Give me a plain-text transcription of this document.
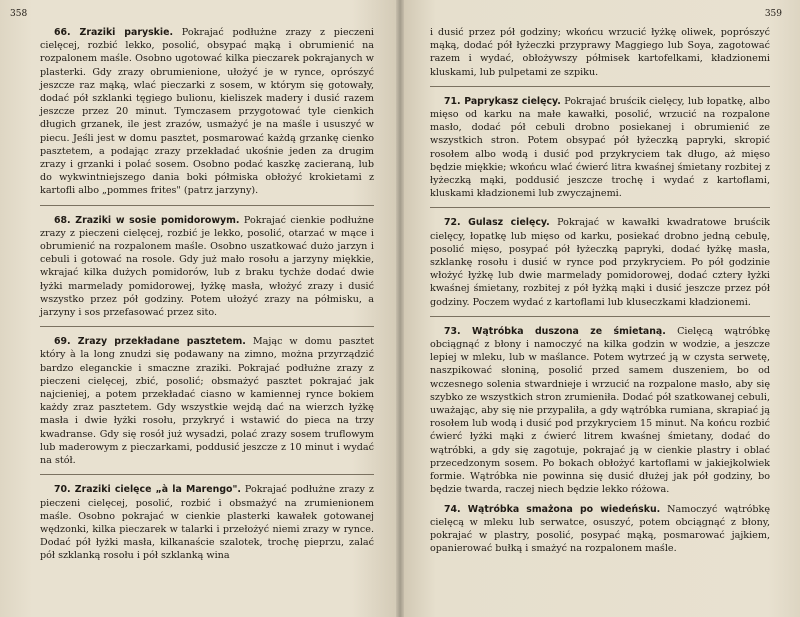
358

66. Zraziki paryskie. Pokrajać podłużne zrazy z pieczeni cielęcej, rozbić lekko, posolić, obsypać mąką i obrumienić na rozpalonem maśle. Osobno ugotować kilka pieczarek pokrajanych w plasterki. Gdy zrazy obrumienione, ułożyć je w rynce, oprószyć jeszcze raz mąką, wlać pieczarki z sosem, w którym się gotowały, dodać pół szklanki tęgiego bulionu, kieliszek madery i dusić razem jeszcze przez 20 minut. Tymczasem przygotować tyle cienkich długich grzanek, ile jest zrazów, usmażyć je na maśle i ususzyć w piecu. Jeśli jest w domu pasztet, posmarować każdą grzankę cienko pasztetem, a podając zrazy przekładać ukośnie jeden za drugim zrazy i grzanki i polać sosem. Osobno podać kaszkę zacieraną, lub do wykwintniejszego dania boki półmiska obłożyć krokietami z kartofli albo „pommes frites" (patrz jarzyny).

68. Zraziki w sosie pomidorowym. Pokrajać cienkie podłużne zrazy z pieczeni cielęcej, rozbić je lekko, posolić, otarzać w mące i obrumienić na rozpalonem maśle. Osobno uszatkować dużo jarzyn i cebuli i gotować na rosole. Gdy już mało rosołu a jarzyny miękkie, wkrajać kilka dużych pomidorów, lub z braku tychże dodać dwie łyżki marmelady pomidorowej, łyżkę masła, włożyć zrazy i dusić wszystko przez pół godziny. Potem ułożyć zrazy na półmisku, a jarzyny i sos przefasować przez sito.

69. Zrazy przekładane pasztetem. Mając w domu pasztet który à la long znudzi się podawany na zimno, można przyrządzić bardzo eleganckie i smaczne zraziki. Pokrajać podłużne zrazy z pieczeni cielęcej, zbić, posolić; obsmażyć pasztet pokrajać jak najcieniej, a potem przekładać ciasno w kamiennej rynce bokiem każdy zraz pasztetem. Gdy wszystkie wejdą dać na wierzch łyżkę masła i dwie łyżki rosołu, przykryć i wstawić do pieca na trzy kwadranse. Gdy się rosół już wysadzi, polać zrazy sosem truflowym lub maderowym z pieczarkami, poddusić jeszcze z 10 minut i wydać na stół.

70. Zraziki cielęce „à la Marengo". Pokrajać podłużne zrazy z pieczeni cielęcej, posolić, rozbić i obsmażyć na zrumienionem maśle. Osobno pokrajać w cienkie plasterki kawałek gotowanej wędzonki, kilka pieczarek w talarki i przełożyć niemi zrazy w rynce. Dodać pół łyżki masła, kilkanaście szalotek, trochę pieprzu, zalać pół szklanką rosołu i pół szklanką wina

359

i dusić przez pół godziny; wkońcu wrzucić łyżkę oliwek, poprószyć mąką, dodać pół łyżeczki przyprawy Maggiego lub Soya, zagotować razem i wydać, obłożywszy półmisek kartofelkami, kładzionemi kluskami, lub pulpetami ze szpiku.

71. Paprykasz cielęcy. Pokrajać bruścik cielęcy, lub łopatkę, albo mięso od karku na małe kawałki, posolić, wrzucić na rozpalone masło, dodać pół cebuli drobno posiekanej i obrumienić ze wszystkich stron. Potem obsypać pół łyżeczką papryki, skropić rosołem albo wodą i dusić pod przykryciem tak długo, aż mięso będzie miękkie; wkońcu wlać ćwierć litra kwaśnej śmietany rozbitej z łyżeczką mąki, poddusić jeszcze trochę i wydać z kartoflami, kluskami kładzionemi lub zwyczajnemi.

72. Gulasz cielęcy. Pokrajać w kawałki kwadratowe bruścik cielęcy, łopatkę lub mięso od karku, posiekać drobno jedną cebulę, posolić mięso, posypać pół łyżeczką papryki, dodać łyżkę masła, szklankę rosołu i dusić w rynce pod przykryciem. Po pół godzinie włożyć łyżkę lub dwie marmelady pomidorowej, dodać cztery łyżki kwaśnej śmietany, rozbitej z pół łyżką mąki i dusić jeszcze przez pół godziny. Poczem wydać z kartoflami lub kluseczkami kładzionemi.

73. Wątróbka duszona ze śmietaną. Cielęcą wątróbkę obciągnąć z błony i namoczyć na kilka godzin w wodzie, a jeszcze lepiej w mleku, lub w maślance. Potem wytrzeć ją w czysta serwetę, naszpikować słoniną, posolić przed samem duszeniem, bo od wczesnego solenia stwardnieje i wrzucić na rozpalone masło, aby się szybko ze wszystkich stron zrumieniła. Dodać pół szatkowanej cebuli, uważając, aby się nie przypaliła, a gdy wątróbka rumiana, skrapiać ją rosołem lub wodą i dusić pod przykryciem 15 minut. Na końcu rozbić ćwierć łyżki mąki z ćwierć litrem kwaśnej śmietany, dodać do wątróbki, a gdy się zagotuje, pokrajać ją w cienkie plastry i oblać przecedzonym sosem. Po bokach obłożyć kartoflami w jakiejkolwiek formie. Wątróbka nie powinna się dusić dłużej jak pół godziny, bo będzie twarda, raczej niech będzie lekko różowa.

74. Wątróbka smażona po wiedeńsku. Namoczyć wątróbkę cielęcą w mleku lub serwatce, osuszyć, potem obciągnąć z błony, pokrajać w plastry, posolić, posypać mąką, posmarować jajkiem, opanierować bułką i smażyć na rozpalonem maśle.
